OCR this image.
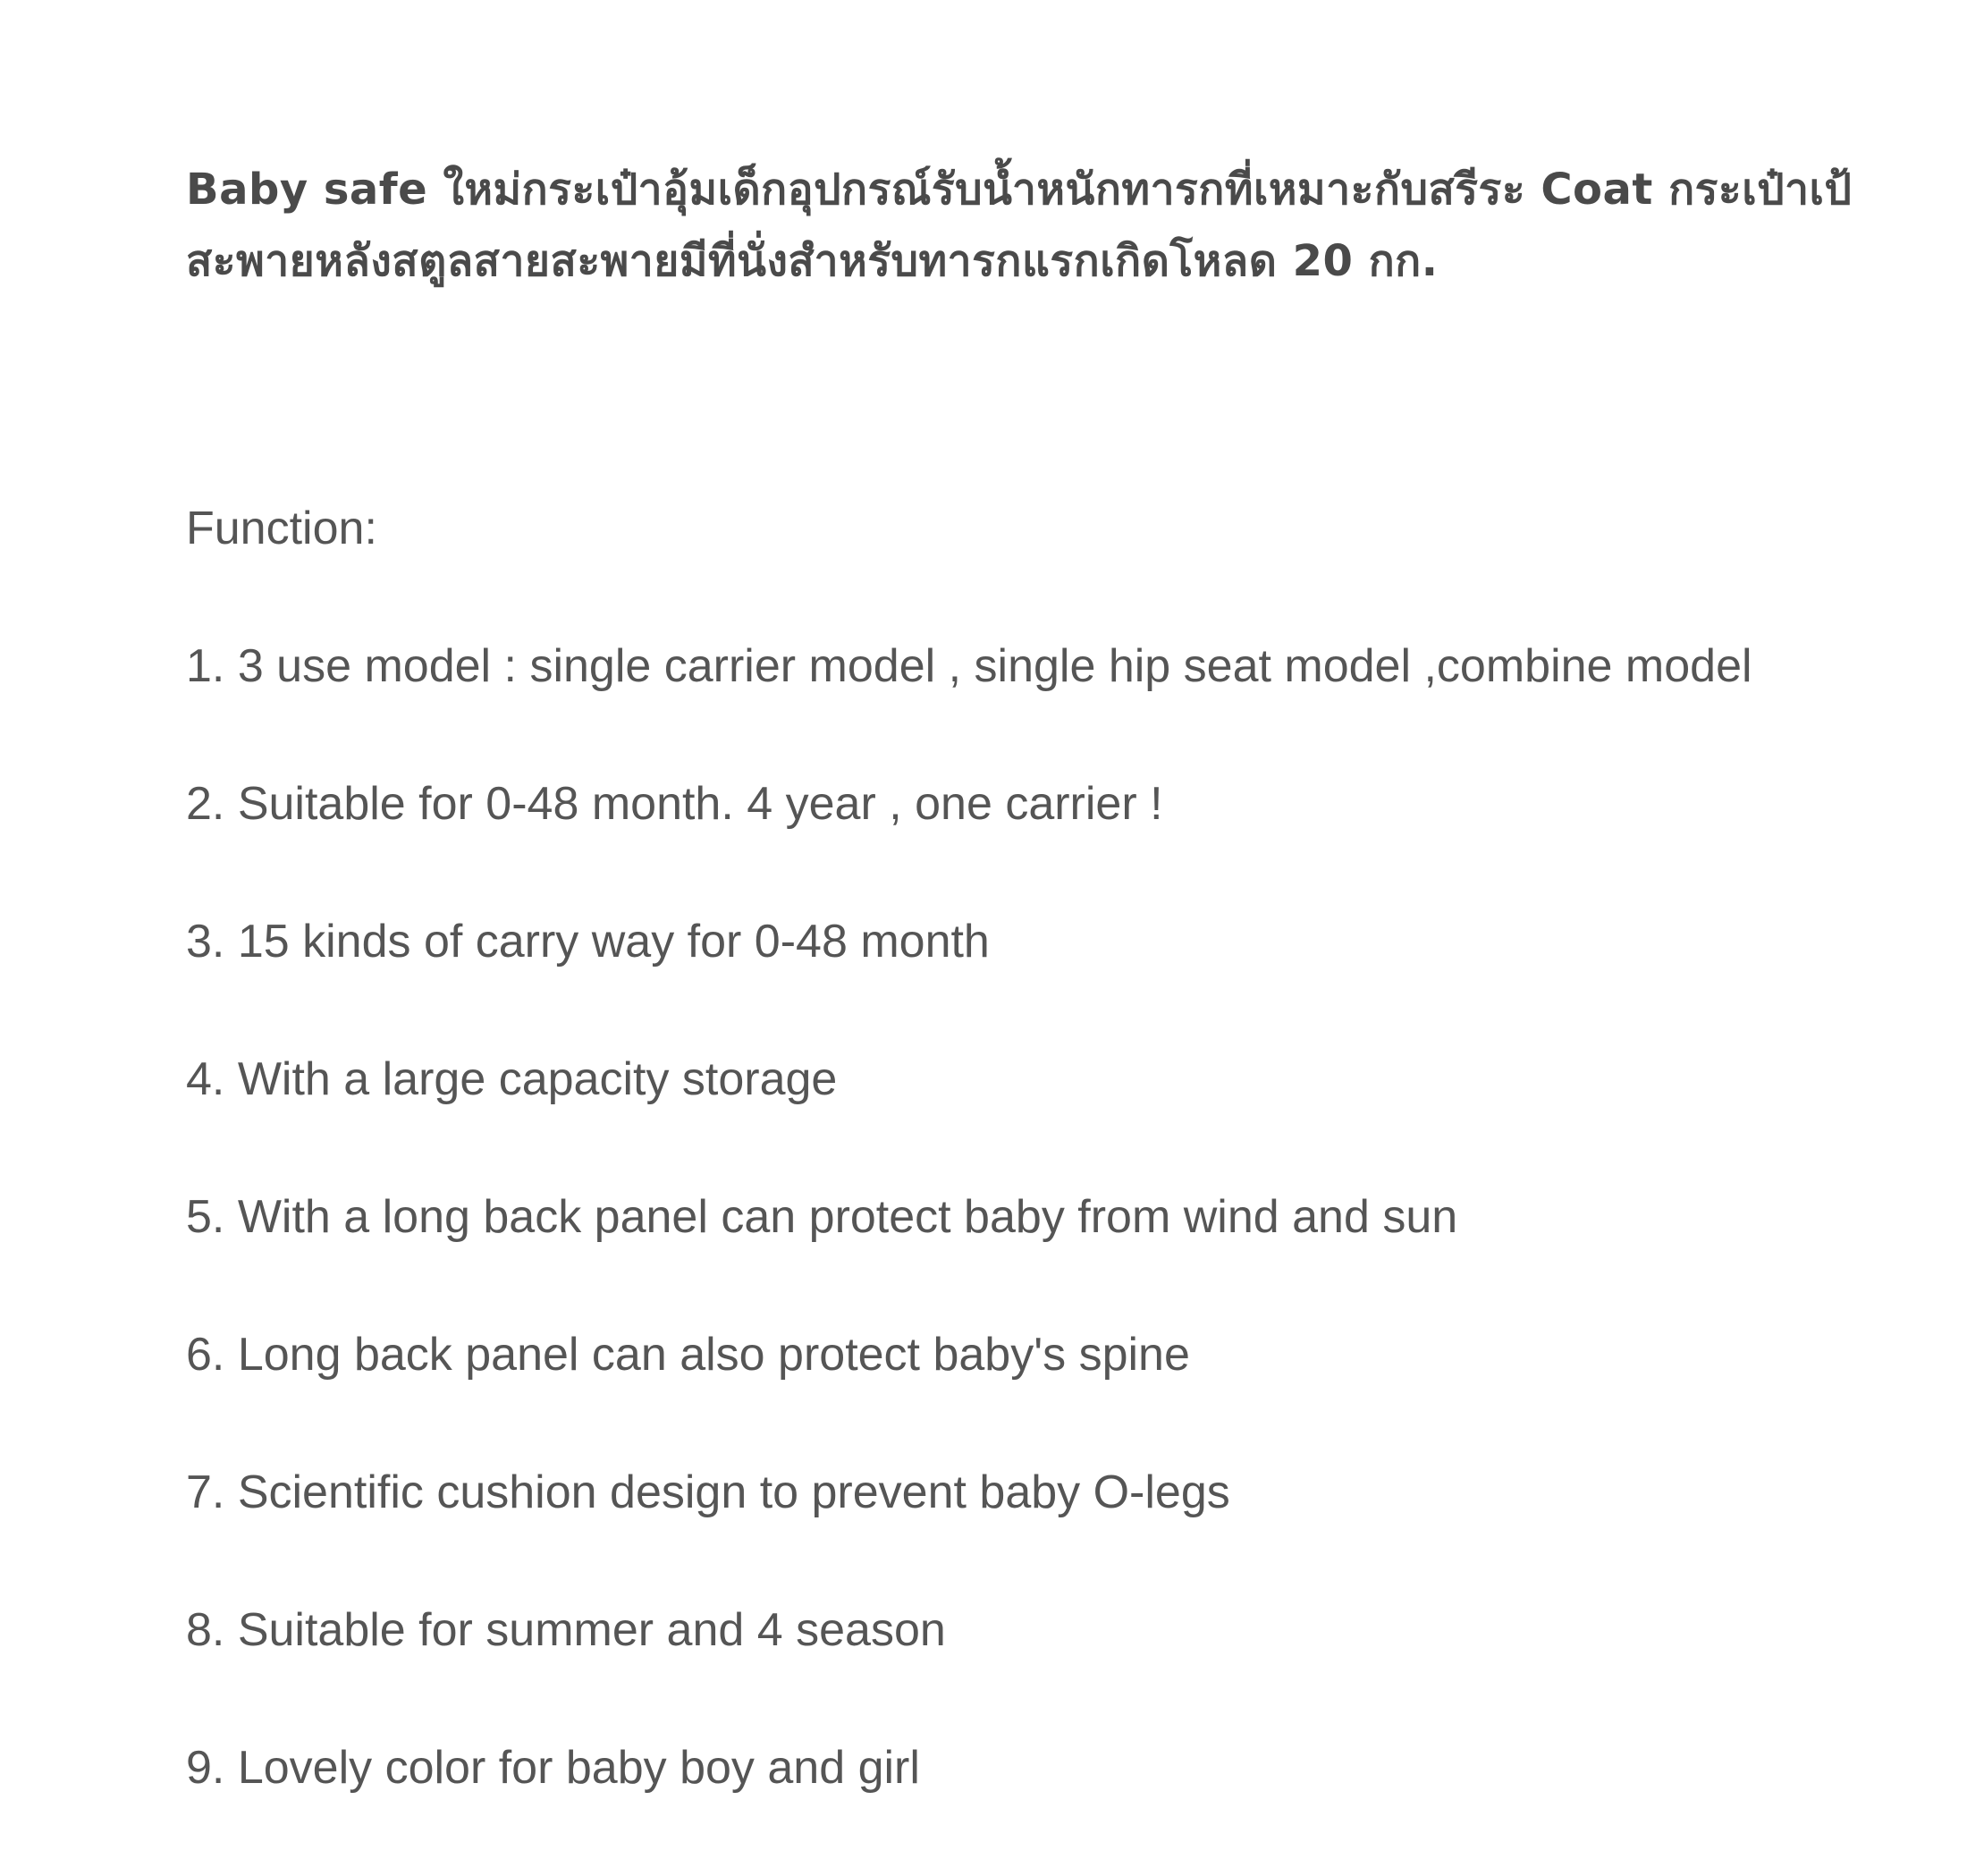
Baby safe ใหม่กระเป๋าอุ้มเด็กอุปกรณ์รับน้ำหนักทารกที่เหมาะกับสรีระ Coat กระเป๋าเป้สะพายหลังสตูลสายสะพายมีที่นั่งสำหรับทารกแรกเกิดโหลด 20 กก.

Function:

1. 3 use model : single carrier model , single hip seat model ,combine model
2. Suitable for 0-48 month. 4 year , one carrier !
3. 15 kinds of carry way for 0-48 month
4. With a large capacity storage
5. With a long back panel can protect baby from wind and sun
6. Long back panel can also protect baby's spine
7. Scientific cushion design to prevent baby O-legs
8. Suitable for summer and 4 season
9. Lovely color for baby boy and girl
